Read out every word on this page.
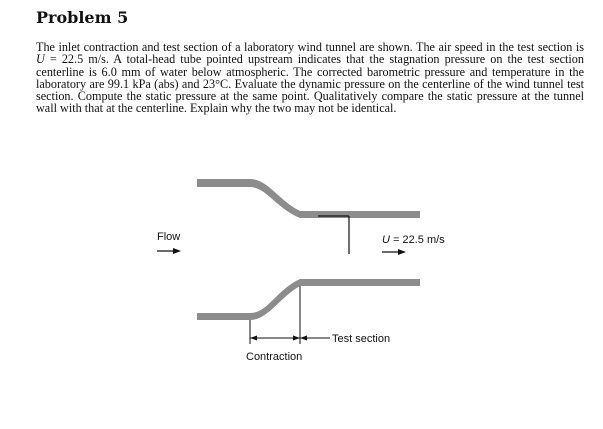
Problem 5

The inlet contraction and test section of a laboratory wind tunnel are shown. The air speed in the test section is U = 22.5 m/s. A total-head tube pointed upstream indicates that the stagnation pressure on the test section centerline is 6.0 mm of water below atmospheric. The corrected barometric pressure and temperature in the laboratory are 99.1 kPa (abs) and 23°C. Evaluate the dynamic pressure on the centerline of the wind tunnel test section. Compute the static pressure at the same point. Qualitatively compare the static pressure at the tunnel wall with that at the centerline. Explain why the two may not be identical.

Flow	U = 22.5 m/s
Test section
Contraction
